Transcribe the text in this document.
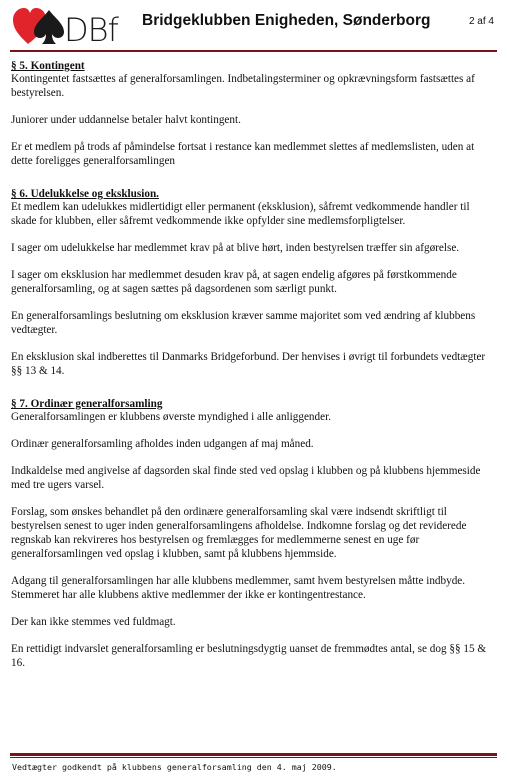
DBf Bridgeklubben Enigheden, Sønderborg	2 af 4
§ 5. Kontingent

Kontingentet fastsættes af generalforsamlingen. Indbetalingsterminer og opkrævningsform fastsættes af bestyrelsen.

Juniorer under uddannelse betaler halvt kontingent.

Er et medlem på trods af påmindelse fortsat i restance kan medlemmet slettes af medlemslisten, uden at dette foreligges generalforsamlingen

§ 6. Udelukkelse og eksklusion.

Et medlem kan udelukkes midlertidigt eller permanent (eksklusion), såfremt vedkommende handler til skade for klubben, eller såfremt vedkommende ikke opfylder sine medlemsforpligtelser.

I sager om udelukkelse har medlemmet krav på at blive hørt, inden bestyrelsen træffer sin afgørelse.

I sager om eksklusion har medlemmet desuden krav på, at sagen endelig afgøres på førstkommende generalforsamling, og at sagen sættes på dagsordenen som særligt punkt.

En generalforsamlings beslutning om eksklusion kræver samme majoritet som ved ændring af klubbens vedtægter.

En eksklusion skal indberettes til Danmarks Bridgeforbund. Der henvises i øvrigt til forbundets vedtægter §§ 13 & 14.

§ 7. Ordinær generalforsamling

Generalforsamlingen er klubbens øverste myndighed i alle anliggender.

Ordinær generalforsamling afholdes inden udgangen af maj måned.

Indkaldelse med angivelse af dagsorden skal finde sted ved opslag i klubben og på klubbens hjemmeside med tre ugers varsel.

Forslag, som ønskes behandlet på den ordinære generalforsamling skal være indsendt skriftligt til bestyrelsen senest to uger inden generalforsamlingens afholdelse. Indkomne forslag og det reviderede regnskab kan rekvireres hos bestyrelsen og fremlægges for medlemmerne senest en uge før generalforsamlingen ved opslag i klubben, samt på klubbens hjemmside.

Adgang til generalforsamlingen har alle klubbens medlemmer, samt hvem bestyrelsen måtte indbyde. Stemmeret har alle klubbens aktive medlemmer der ikke er kontingentrestance.

Der kan ikke stemmes ved fuldmagt.

En rettidigt indvarslet generalforsamling er beslutningsdygtig uanset de fremmødtes antal, se dog §§ 15 & 16.

Vedtægter godkendt på klubbens generalforsamling den 4. maj 2009.
